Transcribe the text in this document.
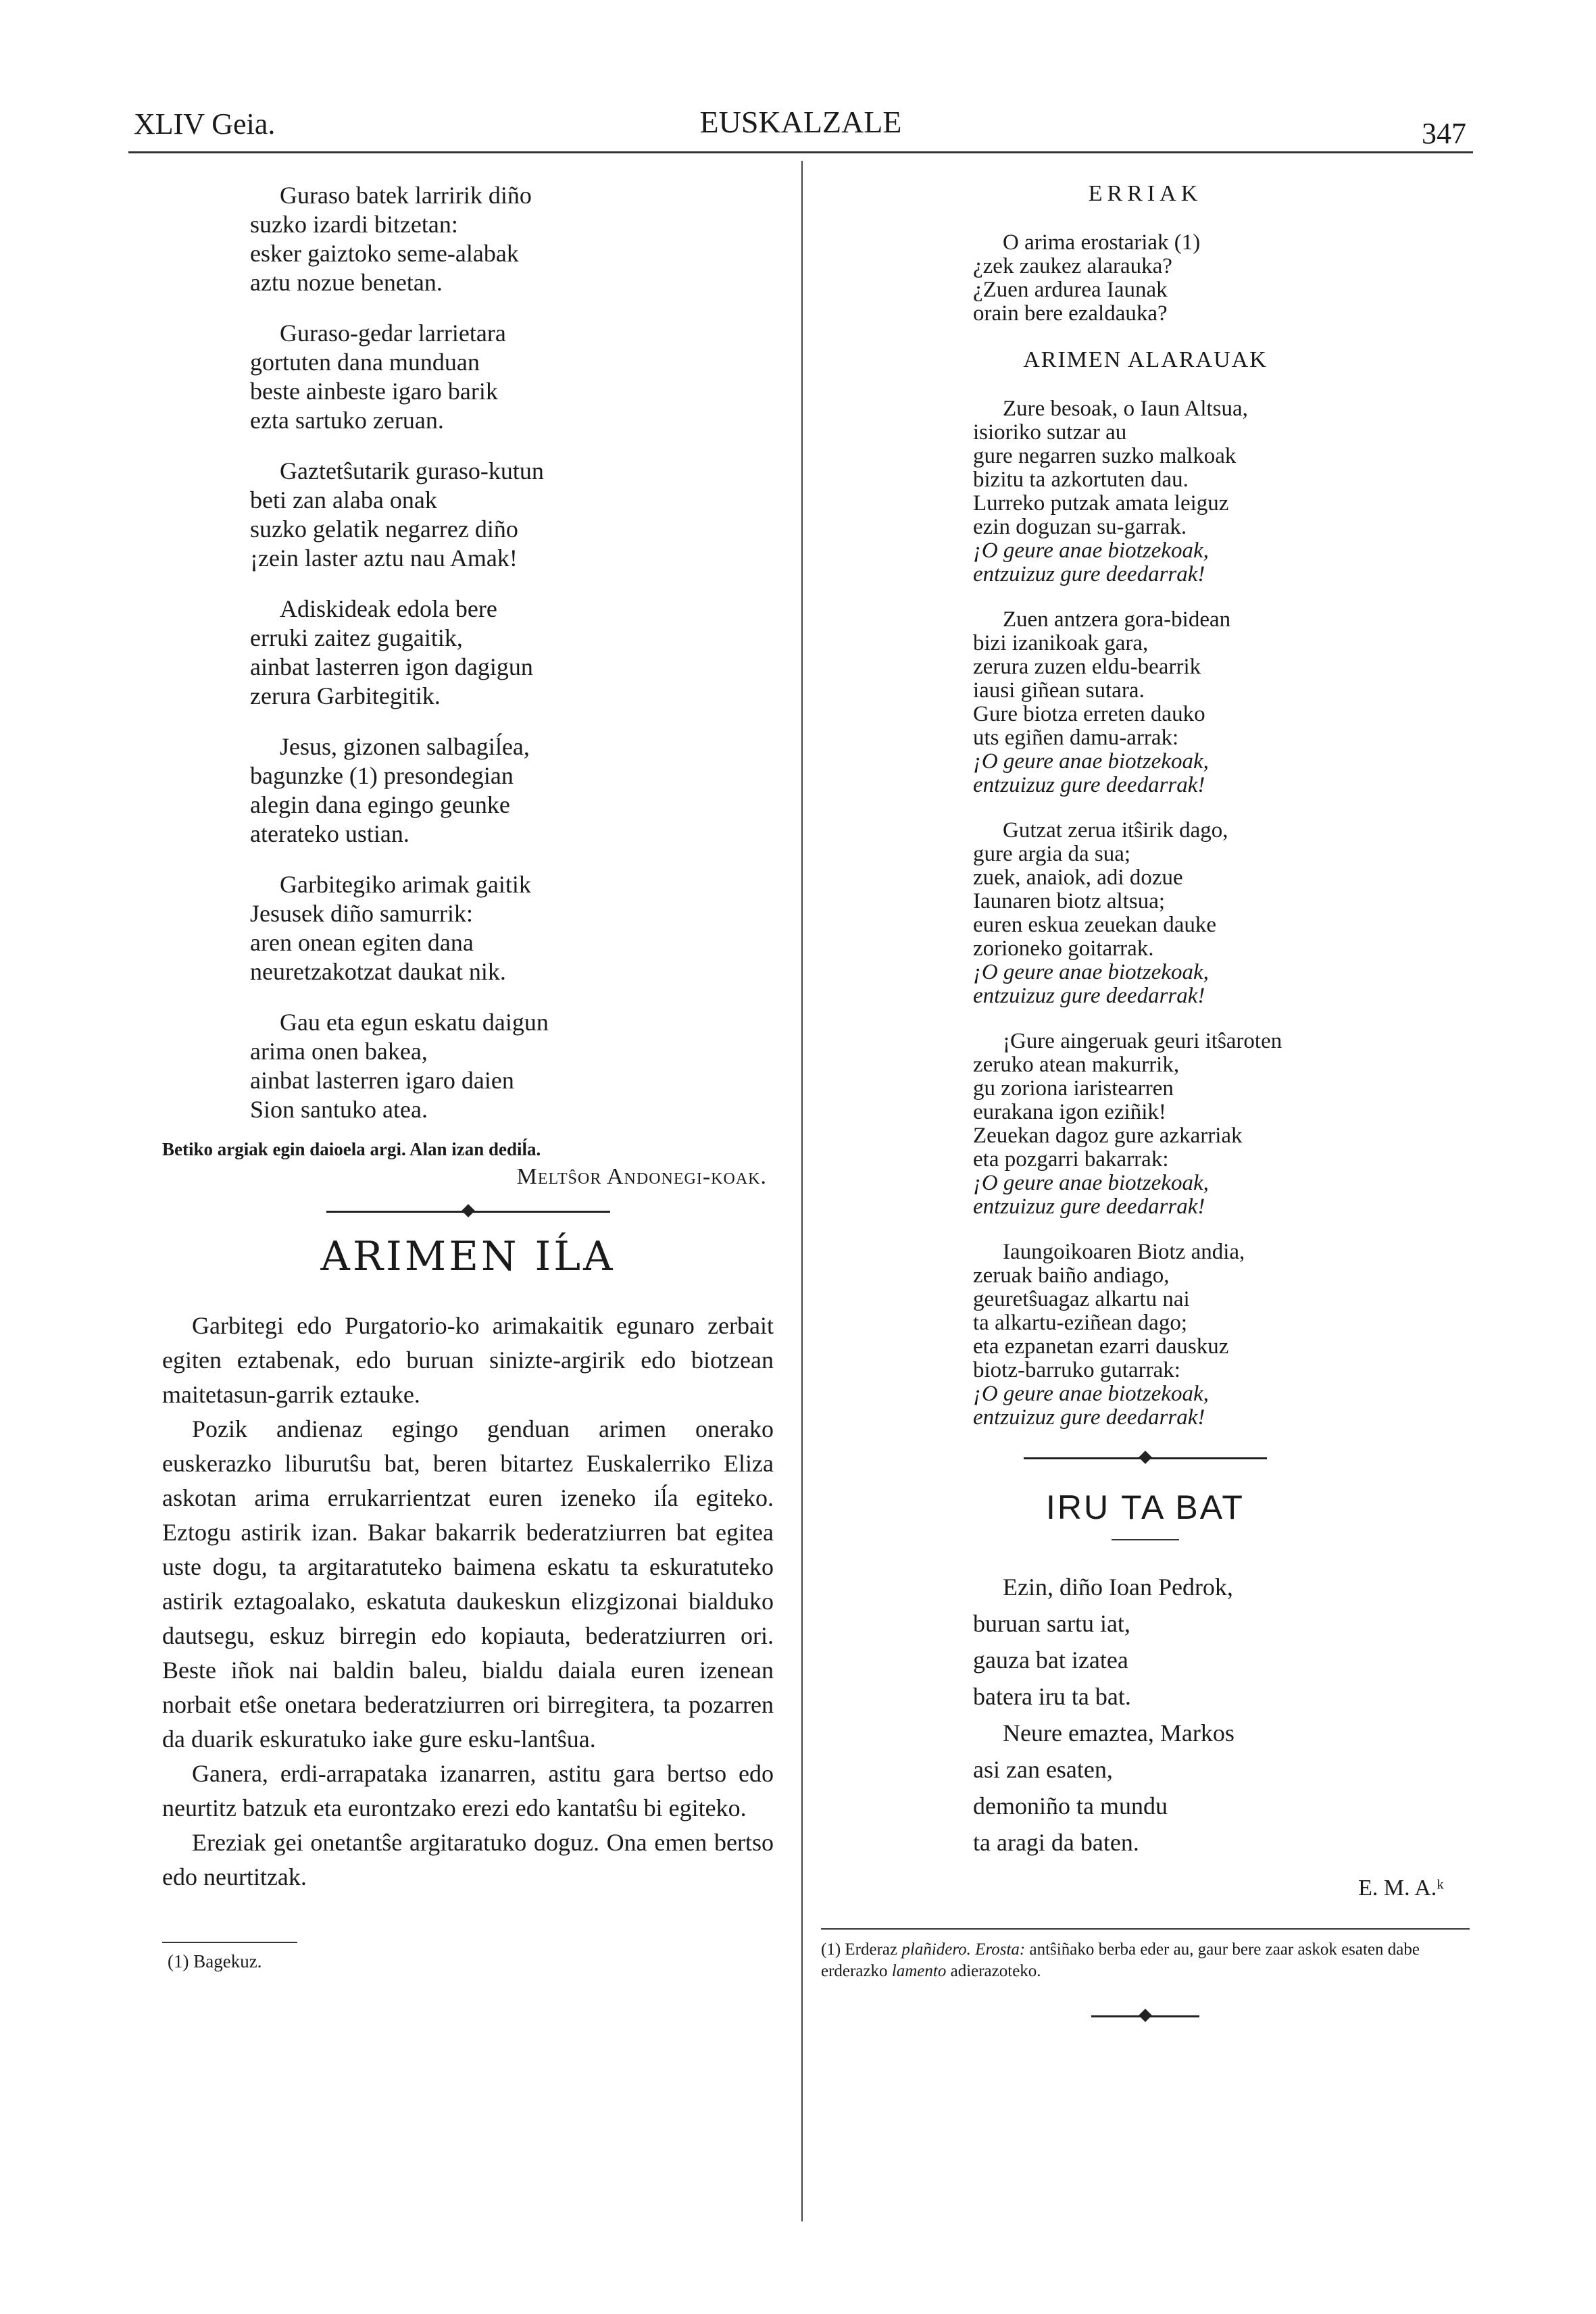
XLIV Geia.	EUSKALZALE	347
Guraso batek larririk diño
suzko izardi bitzetan:
esker gaiztoko seme-alabak
aztu nozue benetan.
Guraso-gedar larrietara
gortuten dana munduan
beste ainbeste igaro barik
ezta sartuko zeruan.
Gaztetŝutarik guraso-kutun
beti zan alaba onak
suzko gelatik negarrez diño
¡zein laster aztu nau Amak!
Adiskideak edola bere
erruki zaitez gugaitik,
ainbat lasterren igon dagigun
zerura Garbitegitik.
Jesus, gizonen salbagiĺea,
bagunzke (1) presondegian
alegin dana egingo geunke
aterateko ustian.
Garbitegiko arimak gaitik
Jesusek diño samurrik:
aren onean egiten dana
neuretzakotzat daukat nik.
Gau eta egun eskatu daigun
arima onen bakea,
ainbat lasterren igaro daien
Sion santuko atea.
Betiko argiak egin daioela argi. Alan izan dediĺa.
Meltŝor Andonegi-koak.
ARIMEN IĹA

Garbitegi edo Purgatorio-ko arimakaitik egunaro zerbait egiten eztabenak, edo buruan sinizte-argirik edo biotzean maitetasun-garrik eztauke.

Pozik andienaz egingo genduan arimen onerako euskerazko liburutŝu bat, beren bitartez Euskalerriko Eliza askotan arima errukarrientzat euren izeneko iĺa egiteko. Eztogu astirik izan. Bakar bakarrik bederatziurren bat egitea uste dogu, ta argitaratuteko baimena eskatu ta eskuratuteko astirik eztagoalako, eskatuta daukeskun elizgizonai bialduko dautsegu, eskuz birregin edo kopiauta, bederatziurren ori. Beste iñok nai baldin baleu, bialdu daiala euren izenean norbait etŝe onetara bederatziurren ori birregitera, ta pozarren da duarik eskuratuko iake gure esku-lantŝua.

Ganera, erdi-arrapataka izanarren, astitu gara bertso edo neurtitz batzuk eta eurontzako erezi edo kantatŝu bi egiteko.

Ereziak gei onetantŝe argitaratuko doguz. Ona emen bertso edo neurtitzak.

(1) Bagekuz.
ERRIAK
O arima erostariak (1)
¿zek zaukez alarauka?
¿Zuen ardurea Iaunak
orain bere ezaldauka?
ARIMEN ALARAUAK
Zure besoak, o Iaun Altsua,
isioriko sutzar au
gure negarren suzko malkoak
bizitu ta azkortuten dau.
Lurreko putzak amata leiguz
ezin doguzan su-garrak.
¡O geure anae biotzekoak,
entzuizuz gure deedarrak!
Zuen antzera gora-bidean
bizi izanikoak gara,
zerura zuzen eldu-bearrik
iausi giñean sutara.
Gure biotza erreten dauko
uts egiñen damu-arrak:
¡O geure anae biotzekoak,
entzuizuz gure deedarrak!
Gutzat zerua itŝirik dago,
gure argia da sua;
zuek, anaiok, adi dozue
Iaunaren biotz altsua;
euren eskua zeuekan dauke
zorioneko goitarrak.
¡O geure anae biotzekoak,
entzuizuz gure deedarrak!
¡Gure aingeruak geuri itŝaroten
zeruko atean makurrik,
gu zoriona iaristearren
eurakana igon eziñik!
Zeuekan dagoz gure azkarriak
eta pozgarri bakarrak:
¡O geure anae biotzekoak,
entzuizuz gure deedarrak!
Iaungoikoaren Biotz andia,
zeruak baiño andiago,
geuretŝuagaz alkartu nai
ta alkartu-eziñean dago;
eta ezpanetan ezarri dauskuz
biotz-barruko gutarrak:
¡O geure anae biotzekoak,
entzuizuz gure deedarrak!
IRU TA BAT
Ezin, diño Ioan Pedrok,
buruan sartu iat,
gauza bat izatea
batera iru ta bat.
Neure emaztea, Markos
asi zan esaten,
demoniño ta mundu
ta aragi da baten.
E. M. A.ᵏ
(1) Erderaz plañidero. Erosta: antŝiñako berba eder au, gaur bere zaar askok esaten dabe erderazko lamento adierazoteko.
